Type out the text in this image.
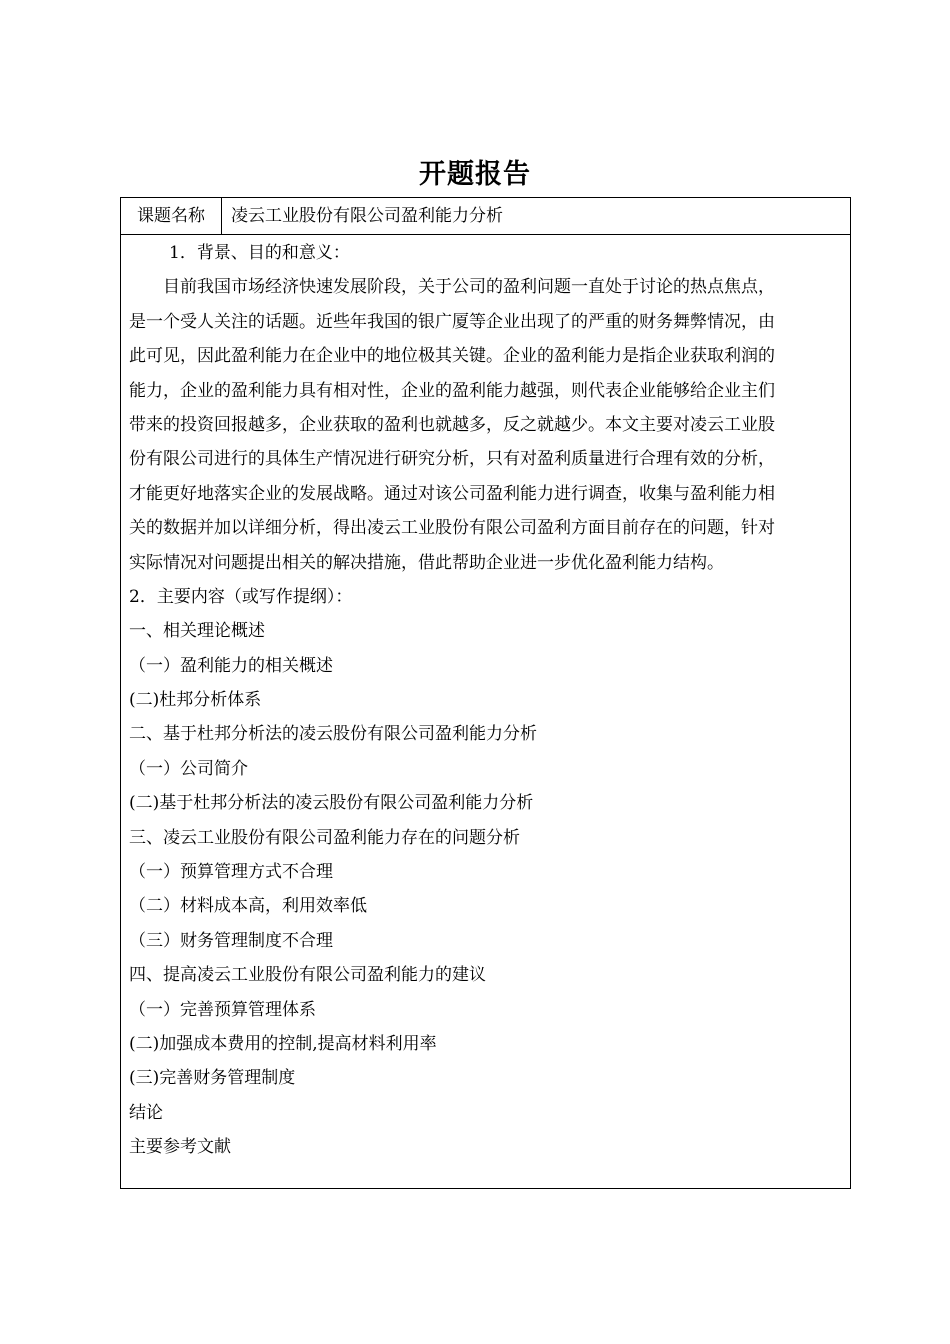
开题报告
课题名称	凌云工业股份有限公司盈利能力分析
1．背景、目的和意义：
目前我国市场经济快速发展阶段，关于公司的盈利问题一直处于讨论的热点焦点，
是一个受人关注的话题。近些年我国的银广厦等企业出现了的严重的财务舞弊情况，由
此可见，因此盈利能力在企业中的地位极其关键。企业的盈利能力是指企业获取利润的
能力，企业的盈利能力具有相对性，企业的盈利能力越强，则代表企业能够给企业主们
带来的投资回报越多，企业获取的盈利也就越多，反之就越少。本文主要对凌云工业股
份有限公司进行的具体生产情况进行研究分析，只有对盈利质量进行合理有效的分析，
才能更好地落实企业的发展战略。通过对该公司盈利能力进行调查，收集与盈利能力相
关的数据并加以详细分析，得出凌云工业股份有限公司盈利方面目前存在的问题，针对
实际情况对问题提出相关的解决措施，借此帮助企业进一步优化盈利能力结构。
2．主要内容（或写作提纲）：
一、相关理论概述
（一）盈利能力的相关概述
(二)杜邦分析体系
二、基于杜邦分析法的凌云股份有限公司盈利能力分析
（一）公司简介
(二)基于杜邦分析法的凌云股份有限公司盈利能力分析
三、凌云工业股份有限公司盈利能力存在的问题分析
（一）预算管理方式不合理
（二）材料成本高，利用效率低
（三）财务管理制度不合理
四、提高凌云工业股份有限公司盈利能力的建议
（一）完善预算管理体系
(二)加强成本费用的控制,提高材料利用率
(三)完善财务管理制度
结论
主要参考文献
